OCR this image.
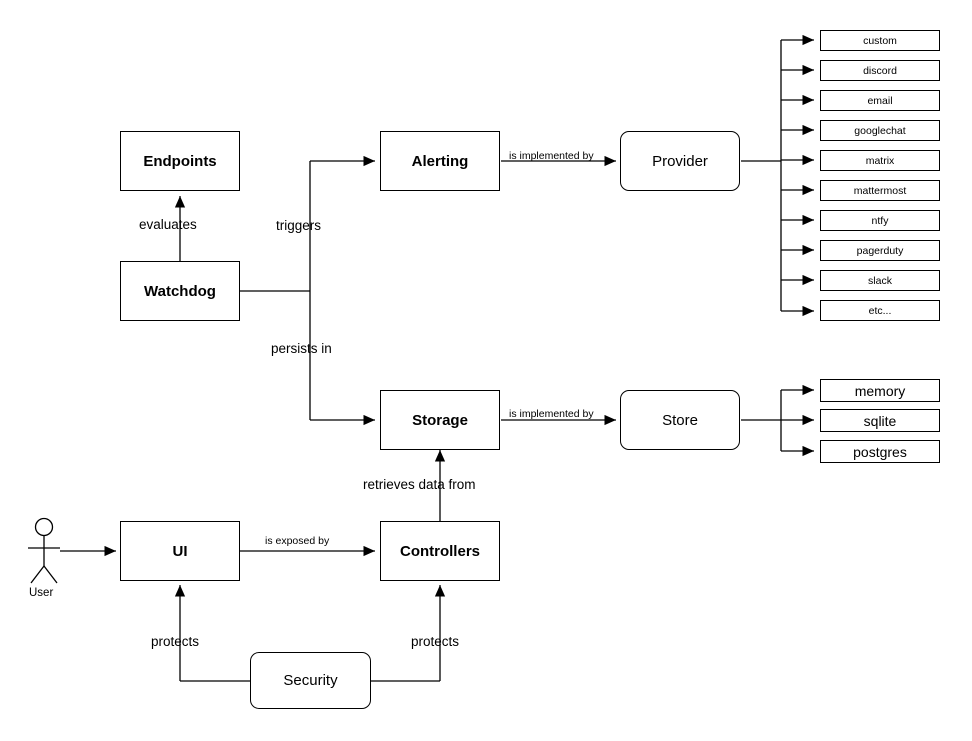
User
Endpoints
Watchdog
Alerting	Provider
Storage	Store
UI	Controllers
Security
custom
discord
email
googlechat
matrix
mattermost
ntfy
pagerduty
slack
etc...
memory
sqlite
postgres
evaluates	triggers
persists in
is implemented by
is implemented by
retrieves data from
is exposed by
protects	protects
